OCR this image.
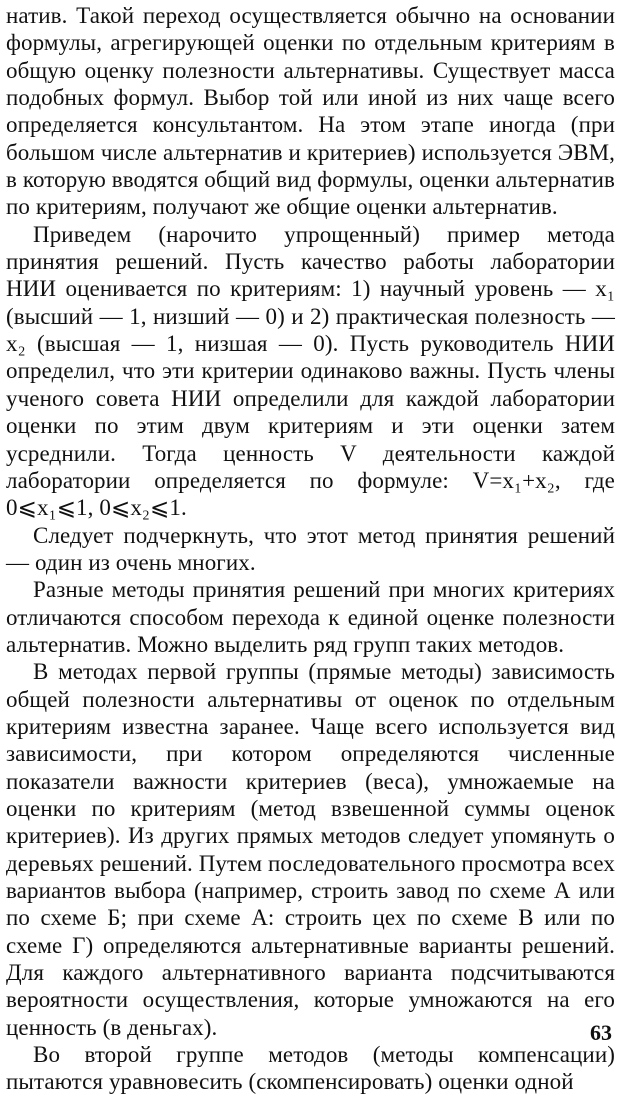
натив. Такой переход осуществляется обычно на основании формулы, агрегирующей оценки по отдельным критериям в общую оценку полезности альтернативы. Существует масса подобных формул. Выбор той или иной из них чаще всего определяется консультантом. На этом этапе иногда (при большом числе альтернатив и критериев) используется ЭВМ, в которую вводятся общий вид формулы, оценки альтернатив по критериям, получают же общие оценки альтернатив.

Приведем (нарочито упрощенный) пример метода принятия решений. Пусть качество работы лаборатории НИИ оценивается по критериям: 1) научный уровень — x₁ (высший — 1, низший — 0) и 2) практическая полезность — x₂ (высшая — 1, низшая — 0). Пусть руководитель НИИ определил, что эти критерии одинаково важны. Пусть члены ученого совета НИИ определили для каждой лаборатории оценки по этим двум критериям и эти оценки затем усреднили. Тогда ценность V деятельности каждой лаборатории определяется по формуле: V=x₁+x₂, где 0⩽x₁⩽1, 0⩽x₂⩽1.

Следует подчеркнуть, что этот метод принятия решений — один из очень многих.

Разные методы принятия решений при многих критериях отличаются способом перехода к единой оценке полезности альтернатив. Можно выделить ряд групп таких методов.

В методах первой группы (прямые методы) зависимость общей полезности альтернативы от оценок по отдельным критериям известна заранее. Чаще всего используется вид зависимости, при котором определяются численные показатели важности критериев (веса), умножаемые на оценки по критериям (метод взвешенной суммы оценок критериев). Из других прямых методов следует упомянуть о деревьях решений. Путем последовательного просмотра всех вариантов выбора (например, строить завод по схеме А или по схеме Б; при схеме А: строить цех по схеме В или по схеме Г) определяются альтернативные варианты решений. Для каждого альтернативного варианта подсчитываются вероятности осуществления, которые умножаются на его ценность (в деньгах).

Во второй группе методов (методы компенсации) пытаются уравновесить (скомпенсировать) оценки одной

63
